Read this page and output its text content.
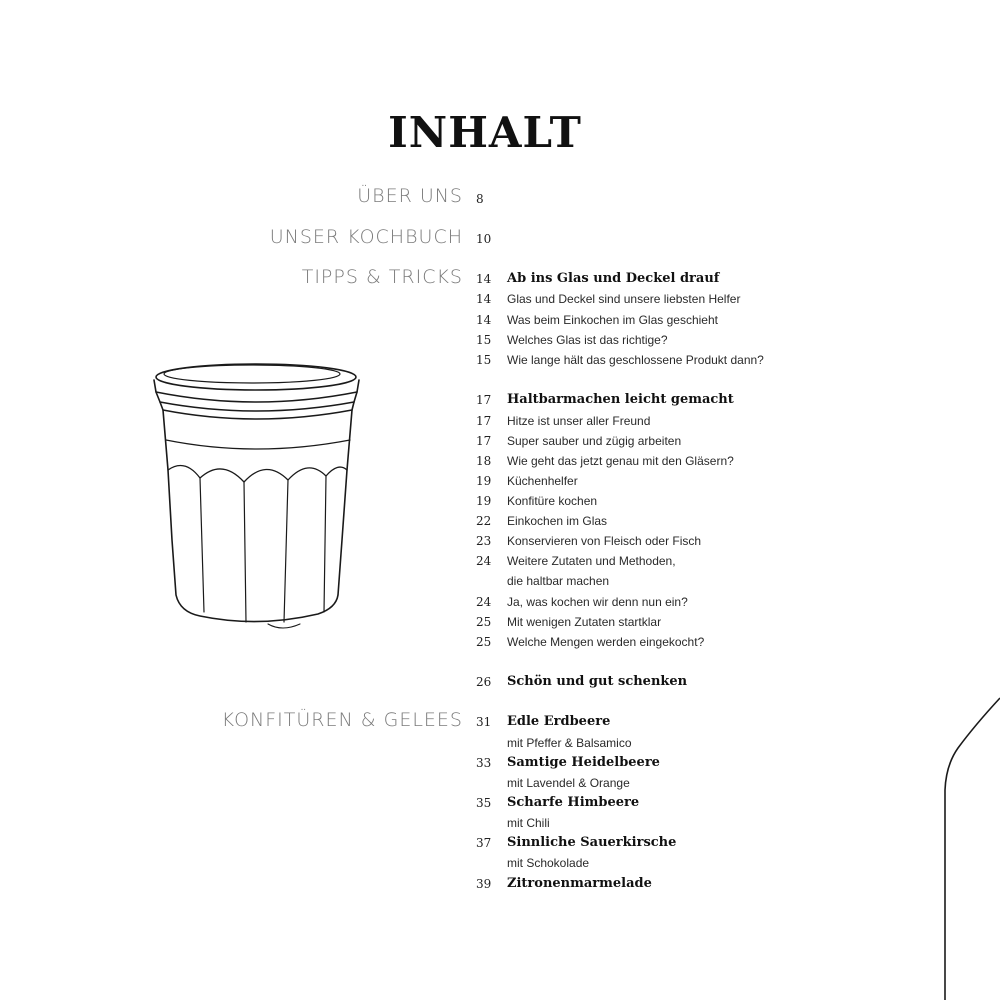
INHALT
ÜBER UNS 8
UNSER KOCHBUCH 10
TIPPS & TRICKS
KONFITÜREN & GELEES
14 Ab ins Glas und Deckel drauf
14 Glas und Deckel sind unsere liebsten Helfer
14 Was beim Einkochen im Glas geschieht
15 Welches Glas ist das richtige?
15 Wie lange hält das geschlossene Produkt dann?
17 Haltbarmachen leicht gemacht
17 Hitze ist unser aller Freund
17 Super sauber und zügig arbeiten
18 Wie geht das jetzt genau mit den Gläsern?
19 Küchenhelfer
19 Konfitüre kochen
22 Einkochen im Glas
23 Konservieren von Fleisch oder Fisch
24 Weitere Zutaten und Methoden,
die haltbar machen
24 Ja, was kochen wir denn nun ein?
25 Mit wenigen Zutaten startklar
25 Welche Mengen werden eingekocht?
26 Schön und gut schenken
31 Edle Erdbeere
mit Pfeffer & Balsamico
33 Samtige Heidelbeere
mit Lavendel & Orange
35 Scharfe Himbeere
mit Chili
37 Sinnliche Sauerkirsche
mit Schokolade
39 Zitronenmarmelade
